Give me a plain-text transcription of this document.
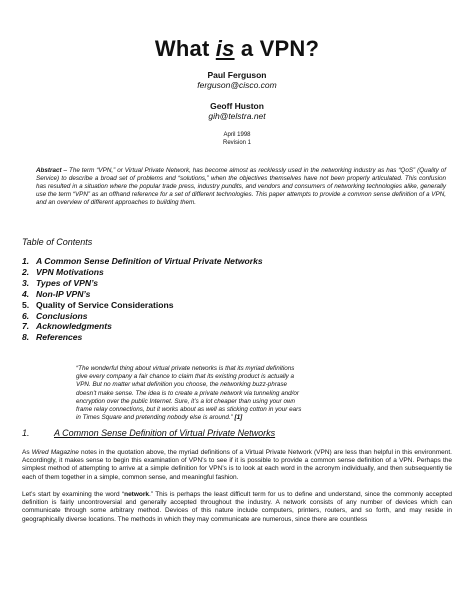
What is a VPN?
Paul Ferguson
ferguson@cisco.com
Geoff Huston
gih@telstra.net
April 1998
Revision 1
Abstract – The term “VPN,” or Virtual Private Network, has become almost as recklessly used in the networking industry as has “QoS” (Quality of Service) to describe a broad set of problems and “solutions,” when the objectives themselves have not been properly articulated. This confusion has resulted in a situation where the popular trade press, industry pundits, and vendors and consumers of networking technologies alike, generally use the term “VPN” as an offhand reference for a set of different technologies. This paper attempts to provide a common sense definition of a VPN, and an overview of different approaches to building them.
Table of Contents
1. A Common Sense Definition of Virtual Private Networks
2. VPN Motivations
3. Types of VPN’s
4. Non-IP VPN’s
5. Quality of Service Considerations
6. Conclusions
7. Acknowledgments
8. References
“The wonderful thing about virtual private networks is that its myriad definitions give every company a fair chance to claim that its existing product is actually a VPN. But no matter what definition you choose, the networking buzz-phrase doesn’t make sense. The idea is to create a private network via tunneling and/or encryption over the public Internet. Sure, it’s a lot cheaper than using your own frame relay connections, but it works about as well as sticking cotton in your ears in Times Square and pretending nobody else is around.” [1]
1.	A Common Sense Definition of Virtual Private Networks
As Wired Magazine notes in the quotation above, the myriad definitions of a Virtual Private Network (VPN) are less than helpful in this environment. Accordingly, it makes sense to begin this examination of VPN’s to see if it is possible to provide a common sense definition of a VPN. Perhaps the simplest method of attempting to arrive at a simple definition for VPN’s is to look at each word in the acronym individually, and then subsequently tie each of them together in a simple, common sense, and meaningful fashion.
Let’s start by examining the word “network.” This is perhaps the least difficult term for us to define and understand, since the commonly accepted definition is fairly uncontroversial and generally accepted throughout the industry. A network consists of any number of devices which can communicate through some arbitrary method. Devices of this nature include computers, printers, routers, and so forth, and may reside in geographically diverse locations. The methods in which they may communicate are numerous, since there are countless
